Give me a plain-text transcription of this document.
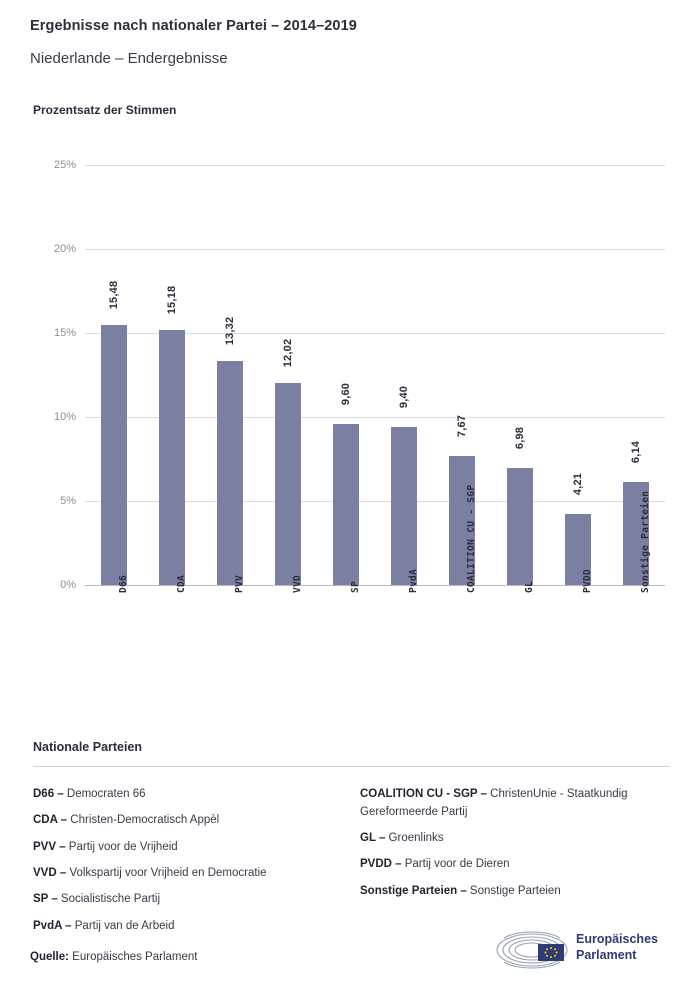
Ergebnisse nach nationaler Partei – 2014–2019
Niederlande – Endergebnisse
Prozentsatz der Stimmen
0%
5%
10%
15%
20%
25%
15,48
D66
15,18
CDA
13,32
PVV
12,02
VVD
9,60
SP
9,40
PvdA
7,67
COALITION CU - SGP
6,98
GL
4,21
PVDD
6,14
Sonstige Parteien
Nationale Parteien
D66 – Democraten 66
CDA – Christen-Democratisch Appèl
PVV – Partij voor de Vrijheid
VVD – Volkspartij voor Vrijheid en Democratie
SP – Socialistische Partij
PvdA – Partij van de Arbeid
COALITION CU - SGP – ChristenUnie - Staatkundig Gereformeerde Partij
GL – Groenlinks
PVDD – Partij voor de Dieren
Sonstige Parteien – Sonstige Parteien
Quelle: Europäisches Parlament
Europäisches
Parlament
